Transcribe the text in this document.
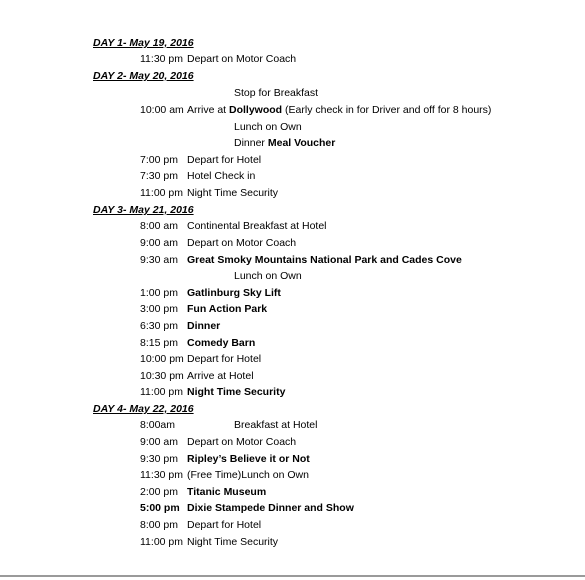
DAY 1- May 19, 2016
11:30 pm Depart on Motor Coach
DAY 2- May 20, 2016
Stop for Breakfast
10:00 am Arrive at Dollywood (Early check in for Driver and off for 8 hours)
Lunch on Own
Dinner Meal Voucher
7:00 pm Depart for Hotel
7:30 pm Hotel Check in
11:00 pm Night Time Security
DAY 3- May 21, 2016
8:00 am Continental Breakfast at Hotel
9:00 am Depart on Motor Coach
9:30 am Great Smoky Mountains National Park and Cades Cove
Lunch on Own
1:00 pm Gatlinburg Sky Lift
3:00 pm Fun Action Park
6:30 pm Dinner
8:15 pm Comedy Barn
10:00 pm Depart for Hotel
10:30 pm Arrive at Hotel
11:00 pm Night Time Security
DAY 4- May 22, 2016
8:00am	Breakfast at Hotel
9:00 am Depart on Motor Coach
9:30 pm Ripley’s Believe it or Not
11:30 pm (Free Time)Lunch on Own
2:00 pm Titanic Museum
5:00 pm Dixie Stampede Dinner and Show
8:00 pm Depart for Hotel
11:00 pm Night Time Security
